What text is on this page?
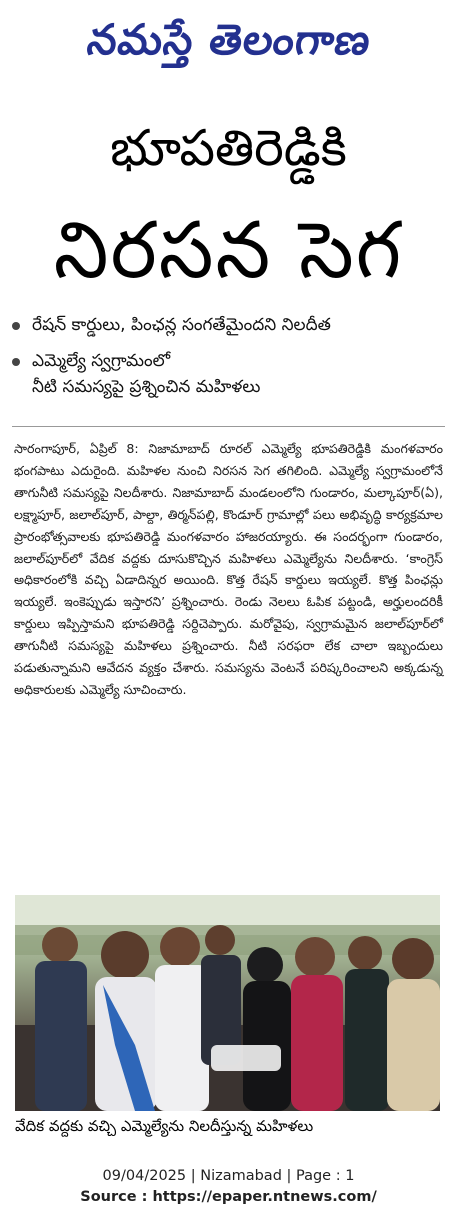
నమస్తే తెలంగాణ
భూపతిరెడ్డికి
నిరసన సెగ
రేషన్ కార్డులు, పింఛన్ల సంగతేమైందని నిలదీత
ఎమ్మెల్యే స్వగ్రామంలో
నీటి సమస్యపై ప్రశ్నించిన మహిళలు
సారంగాపూర్, ఏప్రిల్ 8: నిజామాబాద్ రూరల్ ఎమ్మెల్యే భూపతిరెడ్డికి మంగళవారం భంగపాటు ఎదురైంది. మహిళల నుంచి నిరసన సెగ తగిలింది. ఎమ్మెల్యే స్వగ్రామంలోనే తాగునీటి సమస్యపై నిలదీశారు. నిజామాబాద్ మండలంలోని గుండారం, మల్కాపూర్(ఏ), లక్ష్మాపూర్, జలాల్‌పూర్, పాల్దా, తిర్మన్‌పల్లి, కొండూర్ గ్రామాల్లో పలు అభివృద్ధి కార్యక్రమాల ప్రారంభోత్సవాలకు భూపతిరెడ్డి మంగళవారం హాజరయ్యారు. ఈ సందర్భంగా గుండారం, జలాల్‌పూర్‌లో వేదిక వద్దకు దూసుకొచ్చిన మహిళలు ఎమ్మెల్యేను నిలదీశారు. ‘కాంగ్రెస్ అధికారంలోకి వచ్చి ఏడాదిన్నర అయింది. కొత్త రేషన్ కార్డులు ఇయ్యలే. కొత్త పింఛన్లు ఇయ్యలే. ఇంకెప్పుడు ఇస్తారని’ ప్రశ్నించారు. రెండు నెలలు ఓపిక పట్టండి, అర్హులందరికీ కార్డులు ఇప్పిస్తామని భూపతిరెడ్డి సర్దిచెప్పారు. మరోవైపు, స్వగ్రామమైన జలాల్‌పూర్‌లో తాగునీటి సమస్యపై మహిళలు ప్రశ్నించారు. నీటి సరఫరా లేక చాలా ఇబ్బందులు పడుతున్నామని ఆవేదన వ్యక్తం చేశారు. సమస్యను వెంటనే పరిష్కరించాలని అక్కడున్న అధికారులకు ఎమ్మెల్యే సూచించారు.
వేదిక వద్దకు వచ్చి ఎమ్మెల్యేను నిలదీస్తున్న మహిళలు
09/04/2025 | Nizamabad | Page : 1
Source : https://epaper.ntnews.com/
